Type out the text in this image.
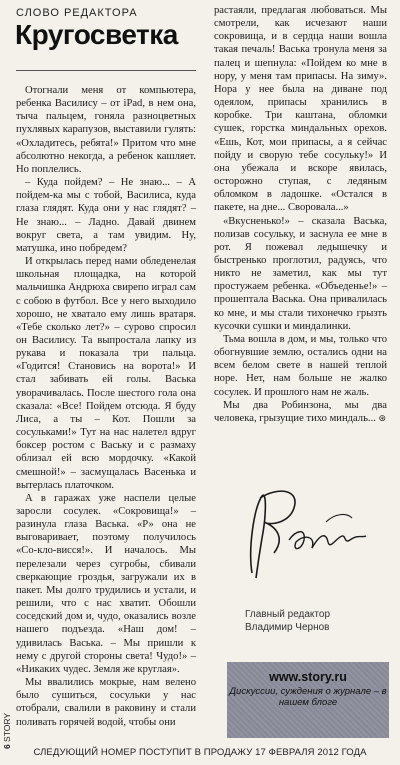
СЛОВО РЕДАКТОРА
Кругосветка

Отогнали меня от компьютера, ребенка Василису – от iPad, в нем она, тыча пальцем, гоняла разноцветных пухлявых карапузов, выставили гулять: «Охладитесь, ребята!» Притом что мне абсолютно некогда, а ребенок кашляет. Но поплелись.

– Куда пойдем? – Не знаю... – А пойдем-ка мы с тобой, Василиса, куда глаза глядят. Куда они у нас глядят? – Не знаю... – Ладно. Давай двинем вокруг света, а там увидим. Ну, матушка, ино побредем?

И открылась перед нами обледенелая школьная площадка, на которой мальчишка Андрюха свирепо играл сам с собою в футбол. Все у него выходило хорошо, не хватало ему лишь вратаря. «Тебе сколько лет?» – сурово спросил он Василису. Та выпростала лапку из рукава и показала три пальца. «Годится! Становись на ворота!» И стал забивать ей голы. Васька уворачивалась. После шестого гола она сказала: «Все! Пойдем отсюда. Я буду Лиса, а ты – Кот. Пошли за сосульками!» Тут на нас налетел вдруг боксер ростом с Ваську и с размаху облизал ей всю мордочку. «Какой смешной!» – засмущалась Васенька и вытерлась платочком.

А в гаражах уже наспели целые заросли сосулек. «Сокровища!» – разинула глаза Васька. «Р» она не выговаривает, поэтому получилось «Со-кло-висся!». И началось. Мы перелезали через сугробы, сбивали сверкающие гроздья, загружали их в пакет. Мы долго трудились и устали, и решили, что с нас хватит. Обошли соседский дом и, чудо, оказались возле нашего подъезда. «Наш дом! – удивилась Васька. – Мы пришли к нему с другой стороны света! Чудо!» – «Никаких чудес. Земля же круглая».

Мы ввалились мокрые, нам велено было сушиться, сосульки у нас отобрали, свалили в раковину и стали поливать горячей водой, чтобы они

растаяли, предлагая любоваться. Мы смотрели, как исчезают наши сокровища, и в сердца наши вошла такая печаль! Васька тронула меня за палец и шепнула: «Пойдем ко мне в нору, у меня там припасы. На зиму». Нора у нее была на диване под одеялом, припасы хранились в коробке. Три каштана, обломки сушек, горстка миндальных орехов. «Ешь, Кот, мои припасы, а я сейчас пойду и сворую тебе сосульку!» И она убежала и вскоре явилась, осторожно ступая, с ледяным обломком в ладошке. «Остался в пакете, на дне... Своровала...»

«Вкусненько!» – сказала Васька, полизав сосульку, и заснула ее мне в рот. Я пожевал ледышечку и быстренько проглотил, радуясь, что никто не заметил, как мы тут простужаем ребенка. «Объеденье!» – прошептала Васька. Она привалилась ко мне, и мы стали тихонечко грызть кусочки сушки и миндалинки.

Тьма вошла в дом, и мы, только что обогнувшие землю, остались одни на всем белом свете в нашей теплой норе. Нет, нам больше не жалко сосулек. И прошлого нам не жаль.

Мы два Робинзона, мы два человека, грызущие тихо миндаль... ⊛

Главный редактор
Владимир Чернов
www.story.ru
Дискуссии, суждения о журнале – в нашем блоге
6 STORY
СЛЕДУЮЩИЙ НОМЕР ПОСТУПИТ В ПРОДАЖУ 17 ФЕВРАЛЯ 2012 ГОДА
